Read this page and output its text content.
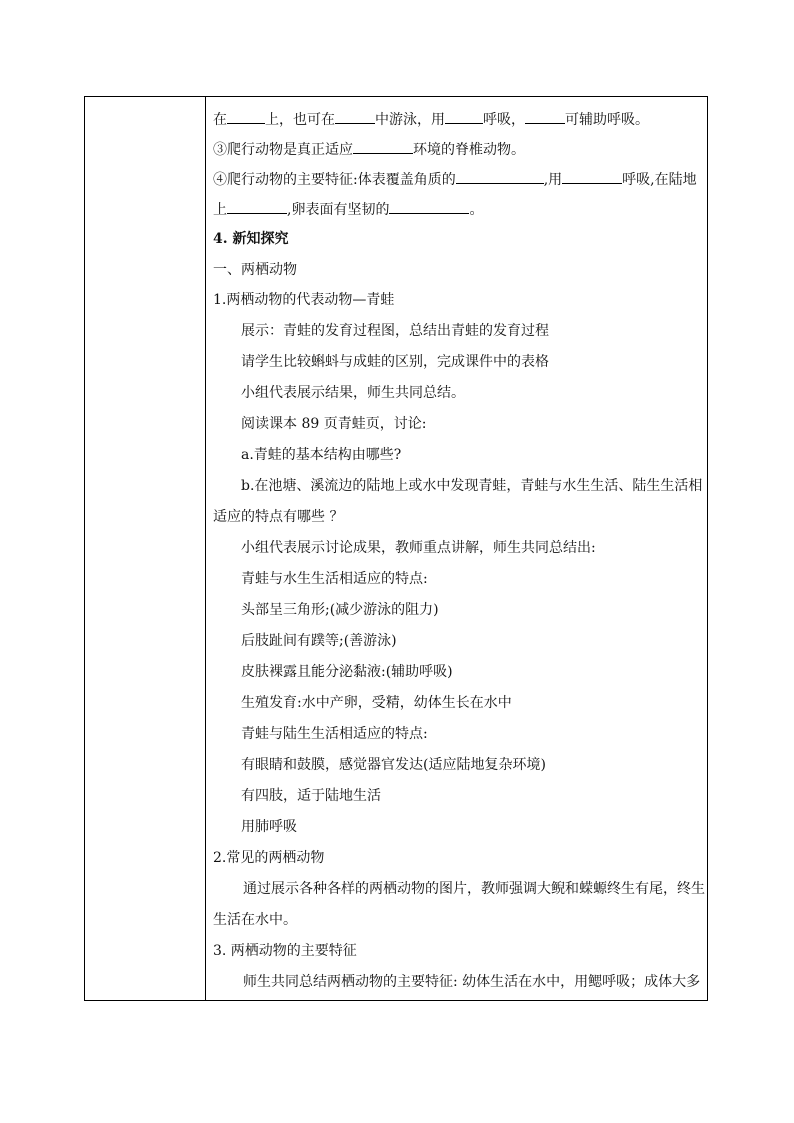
在	上，也可在	中游泳，用	呼吸，	可辅助呼吸。
③爬行动物是真正适应	环境的脊椎动物。
④爬行动物的主要特征:体表覆盖角质的	,用	呼吸,在陆地
上	,卵表面有坚韧的	。
4. 新知探究
一、两栖动物
1.两栖动物的代表动物—青蛙
展示：青蛙的发育过程图，总结出青蛙的发育过程
请学生比较蝌蚪与成蛙的区别，完成课件中的表格
小组代表展示结果，师生共同总结。
阅读课本 89 页青蛙页，讨论:
a.青蛙的基本结构由哪些?
b.在池塘、溪流边的陆地上或水中发现青蛙，青蛙与水生生活、陆生生活相
适应的特点有哪些 ？
小组代表展示讨论成果，教师重点讲解，师生共同总结出:
青蛙与水生生活相适应的特点:
头部呈三角形;(减少游泳的阻力)
后肢趾间有蹼等;(善游泳)
皮肤裸露且能分泌黏液:(辅助呼吸)
生殖发育:水中产卵，受精，幼体生长在水中
青蛙与陆生生活相适应的特点:
有眼睛和鼓膜，感觉器官发达(适应陆地复杂环境)
有四肢，适于陆地生活
用肺呼吸
2.常见的两栖动物
通过展示各种各样的两栖动物的图片，教师强调大鲵和蝾螈终生有尾，终生
生活在水中。
3. 两栖动物的主要特征
师生共同总结两栖动物的主要特征: 幼体生活在水中，用鳃呼吸；成体大多
